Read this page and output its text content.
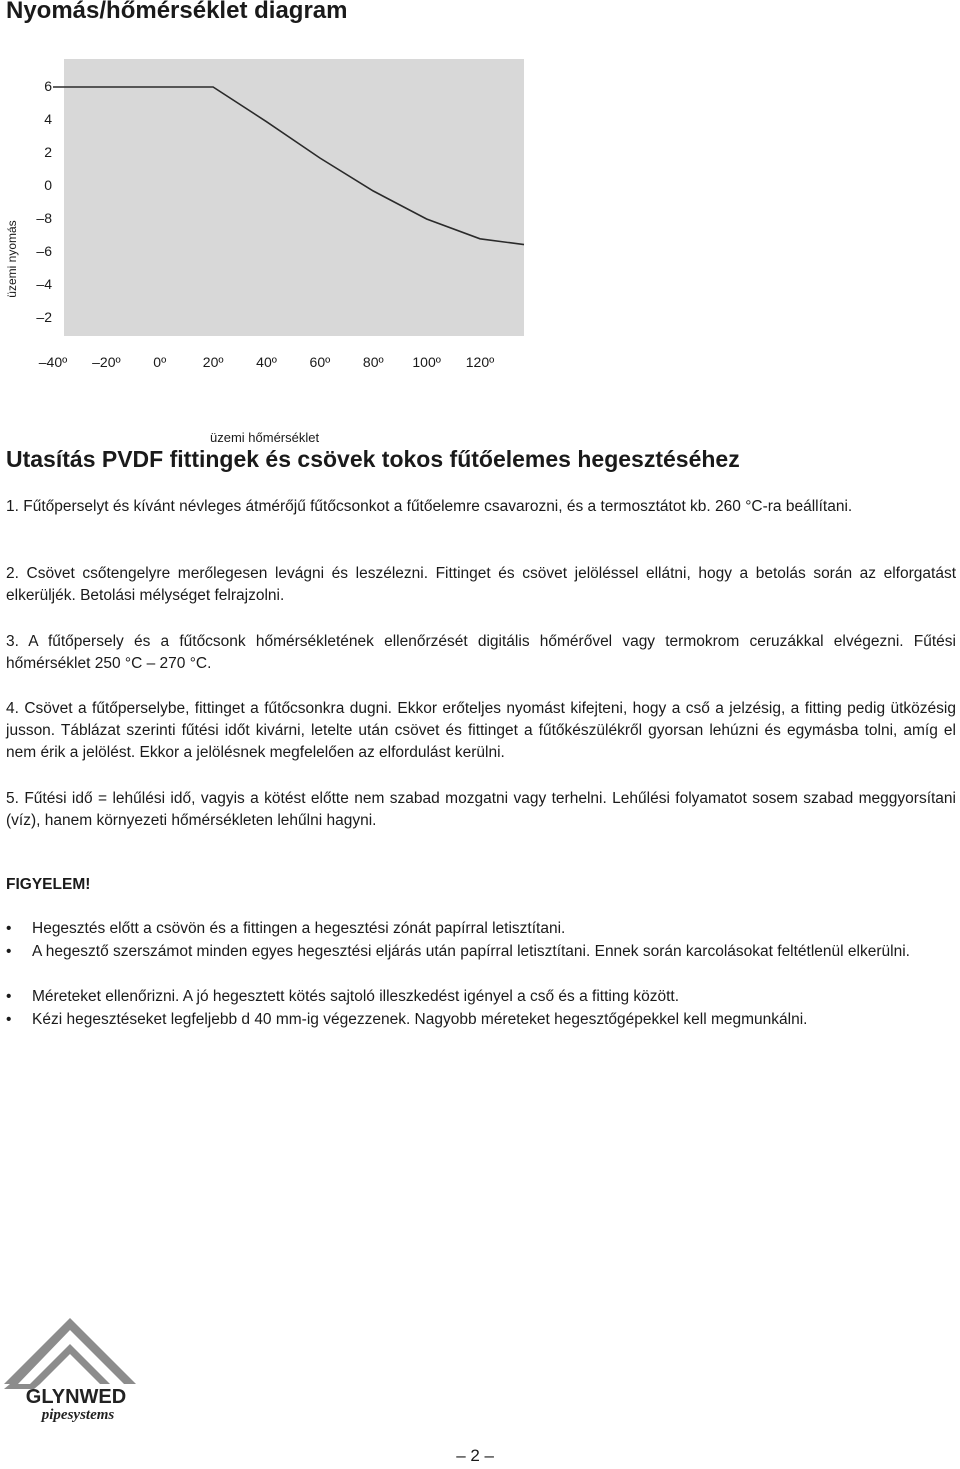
Nyomás/hőmérséklet diagram
6
4
2
0
–8
–6
–4
–2
–40º	–20º	0º	20º	40º	60º	80º	100º	120º
üzemi nyomás
üzemi hőmérséklet
Utasítás PVDF fittingek és csövek tokos fűtőelemes hegesztéséhez
1. Fűtőperselyt és kívánt névleges átmérőjű fűtőcsonkot a fűtőelemre csavarozni, és a termosztátot kb. 260 °C-ra beállítani.
2. Csövet csőtengelyre merőlegesen levágni és leszélezni. Fittinget és csövet jelöléssel ellátni, hogy a betolás során az elforgatást elkerüljék. Betolási mélységet felrajzolni.
3. A fűtőpersely és a fűtőcsonk hőmérsékletének ellenőrzését digitális hőmérővel vagy termokrom ceruzákkal elvégezni. Fűtési hőmérséklet 250 °C – 270 °C.
4. Csövet a fűtőperselybe, fittinget a fűtőcsonkra dugni. Ekkor erőteljes nyomást kifejteni, hogy a cső a jelzésig, a fitting pedig ütközésig jusson. Táblázat szerinti fűtési időt kivárni, letelte után csövet és fittinget a fűtőkészülékről gyorsan lehúzni és egymásba tolni, amíg el nem érik a jelölést. Ekkor a jelölésnek megfelelően az elfordulást kerülni.
5. Fűtési idő = lehűlési idő, vagyis a kötést előtte nem szabad mozgatni vagy terhelni. Lehűlési folyamatot sosem szabad meggyorsítani (víz), hanem környezeti hőmérsékleten lehűlni hagyni.
FIGYELEM!
•	Hegesztés előtt a csövön és a fittingen a hegesztési zónát papírral letisztítani.
•	A hegesztő szerszámot minden egyes hegesztési eljárás után papírral letisztítani. Ennek során karcolásokat feltétlenül elkerülni.
•	Méreteket ellenőrizni. A jó hegesztett kötés sajtoló illeszkedést igényel a cső és a fitting között.
•	Kézi hegesztéseket legfeljebb d 40 mm-ig végezzenek. Nagyobb méreteket hegesztőgépekkel kell megmunkálni.
GLYNWED
pipesystems
– 2 –
